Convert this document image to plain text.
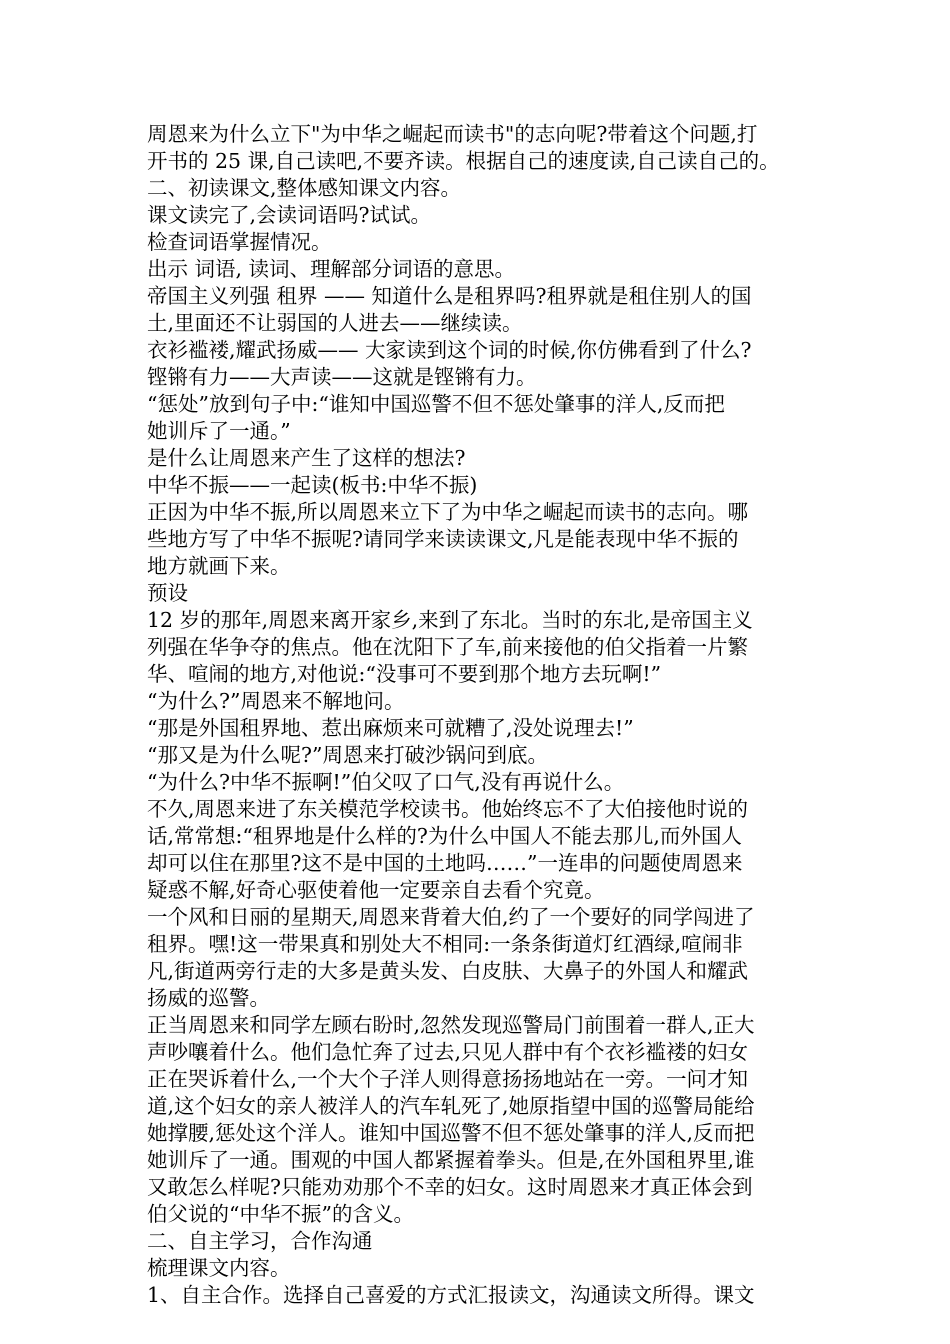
周恩来为什么立下"为中华之崛起而读书"的志向呢?带着这个问题,打
开书的 25 课,自己读吧,不要齐读。根据自己的速度读,自己读自己的。
二、初读课文,整体感知课文内容。
课文读完了,会读词语吗?试试。
检查词语掌握情况。
出示 词语, 读词、理解部分词语的意思。
帝国主义列强 租界 —— 知道什么是租界吗?租界就是租住别人的国
土,里面还不让弱国的人进去——继续读。
衣衫褴褛,耀武扬威—— 大家读到这个词的时候,你仿佛看到了什么?
铿锵有力——大声读——这就是铿锵有力。
“惩处”放到句子中:“谁知中国巡警不但不惩处肇事的洋人,反而把
她训斥了一通。”
是什么让周恩来产生了这样的想法?
中华不振——一起读(板书:中华不振)
正因为中华不振,所以周恩来立下了为中华之崛起而读书的志向。哪
些地方写了中华不振呢?请同学来读读课文,凡是能表现中华不振的
地方就画下来。
预设
12 岁的那年,周恩来离开家乡,来到了东北。当时的东北,是帝国主义
列强在华争夺的焦点。他在沈阳下了车,前来接他的伯父指着一片繁
华、喧闹的地方,对他说:“没事可不要到那个地方去玩啊!”
“为什么?”周恩来不解地问。
“那是外国租界地、惹出麻烦来可就糟了,没处说理去!”
“那又是为什么呢?”周恩来打破沙锅问到底。
“为什么?中华不振啊!”伯父叹了口气,没有再说什么。
不久,周恩来进了东关模范学校读书。他始终忘不了大伯接他时说的
话,常常想:“租界地是什么样的?为什么中国人不能去那儿,而外国人
却可以住在那里?这不是中国的土地吗……”一连串的问题使周恩来
疑惑不解,好奇心驱使着他一定要亲自去看个究竟。
一个风和日丽的星期天,周恩来背着大伯,约了一个要好的同学闯进了
租界。嘿!这一带果真和别处大不相同:一条条街道灯红酒绿,喧闹非
凡,街道两旁行走的大多是黄头发、白皮肤、大鼻子的外国人和耀武
扬威的巡警。
正当周恩来和同学左顾右盼时,忽然发现巡警局门前围着一群人,正大
声吵嚷着什么。他们急忙奔了过去,只见人群中有个衣衫褴褛的妇女
正在哭诉着什么,一个大个子洋人则得意扬扬地站在一旁。一问才知
道,这个妇女的亲人被洋人的汽车轧死了,她原指望中国的巡警局能给
她撑腰,惩处这个洋人。谁知中国巡警不但不惩处肇事的洋人,反而把
她训斥了一通。围观的中国人都紧握着拳头。但是,在外国租界里,谁
又敢怎么样呢?只能劝劝那个不幸的妇女。这时周恩来才真正体会到
伯父说的“中华不振”的含义。
二、自主学习，合作沟通
梳理课文内容。
1、自主合作。选择自己喜爱的方式汇报读文，沟通读文所得。课文
